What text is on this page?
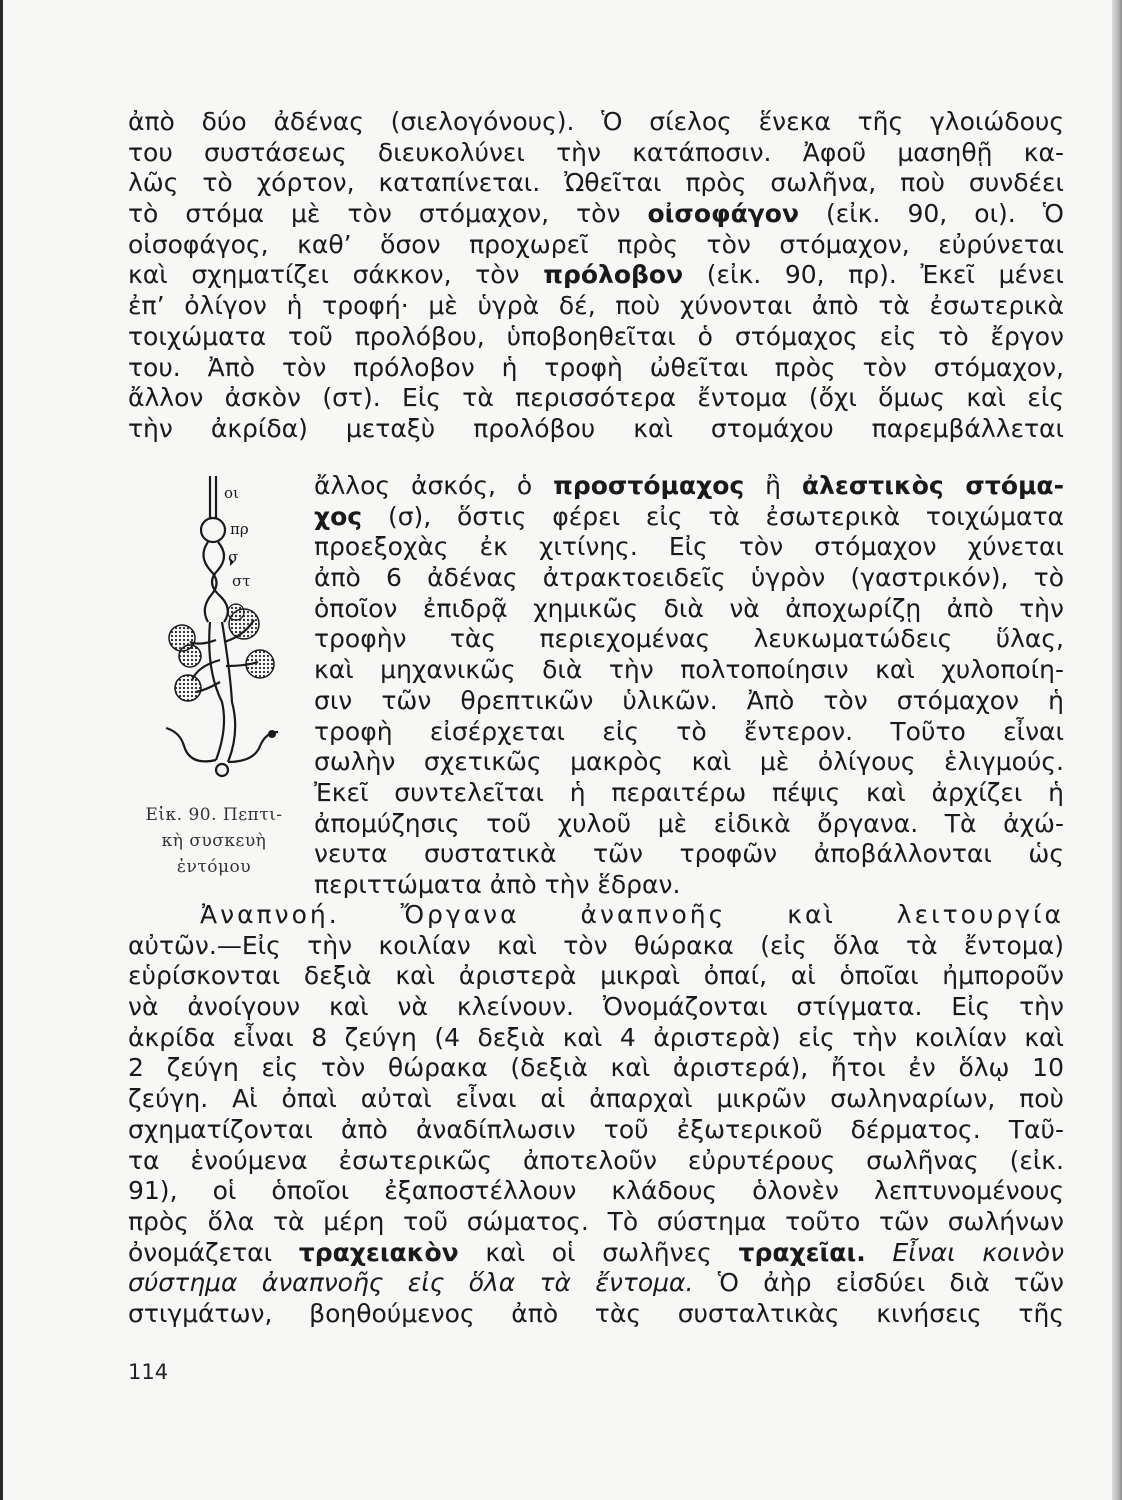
ἀπὸ δύο ἀδένας (σιελογόνους). Ὁ σίελος ἕνεκα τῆς γλοιώδους
του συστάσεως διευκολύνει τὴν κατάποσιν. Ἀφοῦ μασηθῇ κα-
λῶς τὸ χόρτον, καταπίνεται. Ὠθεῖται πρὸς σωλῆνα, ποὺ συνδέει
τὸ στόμα μὲ τὸν στόμαχον, τὸν οἰσοφάγον (εἰκ. 90, οι). Ὁ
οἰσοφάγος, καθ’ ὅσον προχωρεῖ πρὸς τὸν στόμαχον, εὐρύνεται
καὶ σχηματίζει σάκκον, τὸν πρόλοβον (εἰκ. 90, πρ). Ἐκεῖ μένει
ἐπ’ ὀλίγον ἡ τροφή· μὲ ὑγρὰ δέ, ποὺ χύνονται ἀπὸ τὰ ἐσωτερικὰ
τοιχώματα τοῦ προλόβου, ὑποβοηθεῖται ὁ στόμαχος εἰς τὸ ἔργον
του. Ἀπὸ τὸν πρόλοβον ἡ τροφὴ ὠθεῖται πρὸς τὸν στόμαχον,
ἄλλον ἀσκὸν (στ). Εἰς τὰ περισσότερα ἔντομα (ὄχι ὅμως καὶ εἰς
τὴν ἀκρίδα) μεταξὺ προλόβου καὶ στομάχου παρεμβάλλεται
οι
πρ
σ
στ
Εἰκ. 90. Πεπτι-
κὴ συσκευὴ
ἐντόμου
ἄλλος ἀσκός, ὁ προστόμαχος ἢ ἀλεστικὸς στόμα-
χος (σ), ὅστις φέρει εἰς τὰ ἐσωτερικὰ τοιχώματα
προεξοχὰς ἐκ χιτίνης. Εἰς τὸν στόμαχον χύνεται
ἀπὸ 6 ἀδένας ἀτρακτοειδεῖς ὑγρὸν (γαστρικόν), τὸ
ὁποῖον ἐπιδρᾷ χημικῶς διὰ νὰ ἀποχωρίζῃ ἀπὸ τὴν
τροφὴν τὰς περιεχομένας λευκωματώδεις ὕλας,
καὶ μηχανικῶς διὰ τὴν πολτοποίησιν καὶ χυλοποίη-
σιν τῶν θρεπτικῶν ὑλικῶν. Ἀπὸ τὸν στόμαχον ἡ
τροφὴ εἰσέρχεται εἰς τὸ ἔντερον. Τοῦτο εἶναι
σωλὴν σχετικῶς μακρὸς καὶ μὲ ὀλίγους ἑλιγμούς.
Ἐκεῖ συντελεῖται ἡ περαιτέρω πέψις καὶ ἀρχίζει ἡ
ἀπομύζησις τοῦ χυλοῦ μὲ εἰδικὰ ὄργανα. Τὰ ἀχώ-
νευτα συστατικὰ τῶν τροφῶν ἀποβάλλονται ὡς
περιττώματα ἀπὸ τὴν ἕδραν.
Ἀναπνοή. Ὄργανα ἀναπνοῆς καὶ λειτουργία
αὐτῶν.—Εἰς τὴν κοιλίαν καὶ τὸν θώρακα (εἰς ὅλα τὰ ἔντομα)
εὑρίσκονται δεξιὰ καὶ ἀριστερὰ μικραὶ ὀπαί, αἱ ὁποῖαι ἠμποροῦν
νὰ ἀνοίγουν καὶ νὰ κλείνουν. Ὀνομάζονται στίγματα. Εἰς τὴν
ἀκρίδα εἶναι 8 ζεύγη (4 δεξιὰ καὶ 4 ἀριστερὰ) εἰς τὴν κοιλίαν καὶ
2 ζεύγη εἰς τὸν θώρακα (δεξιὰ καὶ ἀριστερά), ἤτοι ἐν ὅλῳ 10
ζεύγη. Αἱ ὀπαὶ αὐταὶ εἶναι αἱ ἀπαρχαὶ μικρῶν σωληναρίων, ποὺ
σχηματίζονται ἀπὸ ἀναδίπλωσιν τοῦ ἐξωτερικοῦ δέρματος. Ταῦ-
τα ἑνούμενα ἐσωτερικῶς ἀποτελοῦν εὐρυτέρους σωλῆνας (εἰκ.
91), οἱ ὁποῖοι ἐξαποστέλλουν κλάδους ὁλονὲν λεπτυνομένους
πρὸς ὅλα τὰ μέρη τοῦ σώματος. Τὸ σύστημα τοῦτο τῶν σωλήνων
ὀνομάζεται τραχειακὸν καὶ οἱ σωλῆνες τραχεῖαι. Εἶναι κοινὸν
σύστημα ἀναπνοῆς εἰς ὅλα τὰ ἔντομα. Ὁ ἀὴρ εἰσδύει διὰ τῶν
στιγμάτων, βοηθούμενος ἀπὸ τὰς συσταλτικὰς κινήσεις τῆς
114
